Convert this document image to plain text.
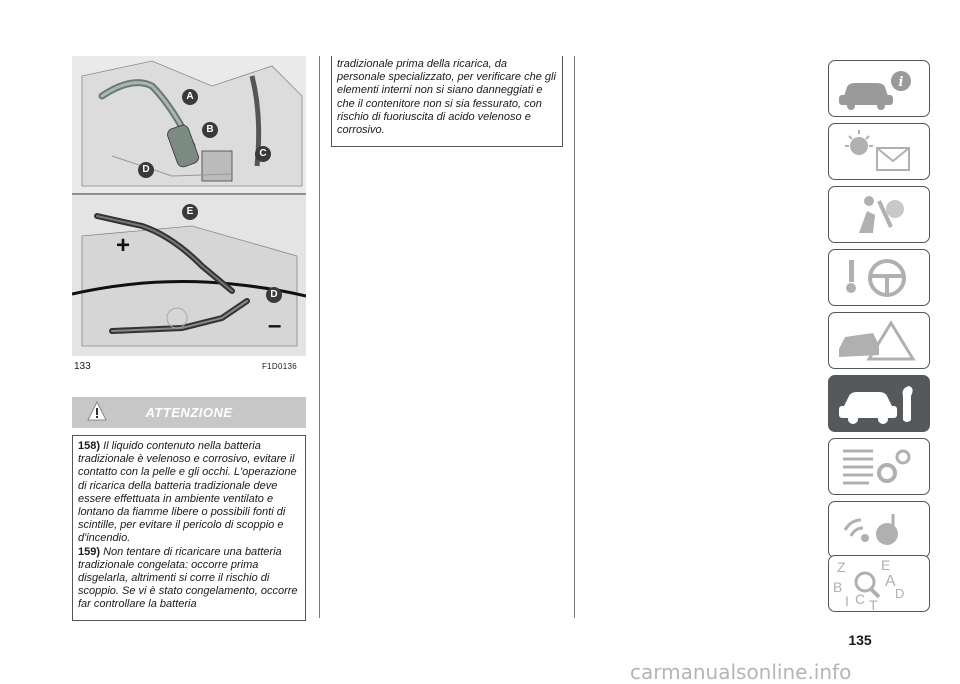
A
B
C
D
E
D
+
–
133	F1D0136
ATTENZIONE

158) Il liquido contenuto nella batteria tradizionale è velenoso e corrosivo, evitare il contatto con la pelle e gli occhi. L'operazione di ricarica della batteria tradizionale deve essere effettuata in ambiente ventilato e lontano da fiamme libere o possibili fonti di scintille, per evitare il pericolo di scoppio e d'incendio.

159) Non tentare di ricaricare una batteria tradizionale congelata: occorre prima disgelarla, altrimenti si corre il rischio di scoppio. Se vi è stato congelamento, occorre far controllare la batteria

tradizionale prima della ricarica, da personale specializzato, per verificare che gli elementi interni non si siano danneggiati e che il contenitore non si sia fessurato, con rischio di fuoriuscita di acido velenoso e corrosivo.

i
Z	E
B	A
D
C T
I
135
carmanualsonline.info
